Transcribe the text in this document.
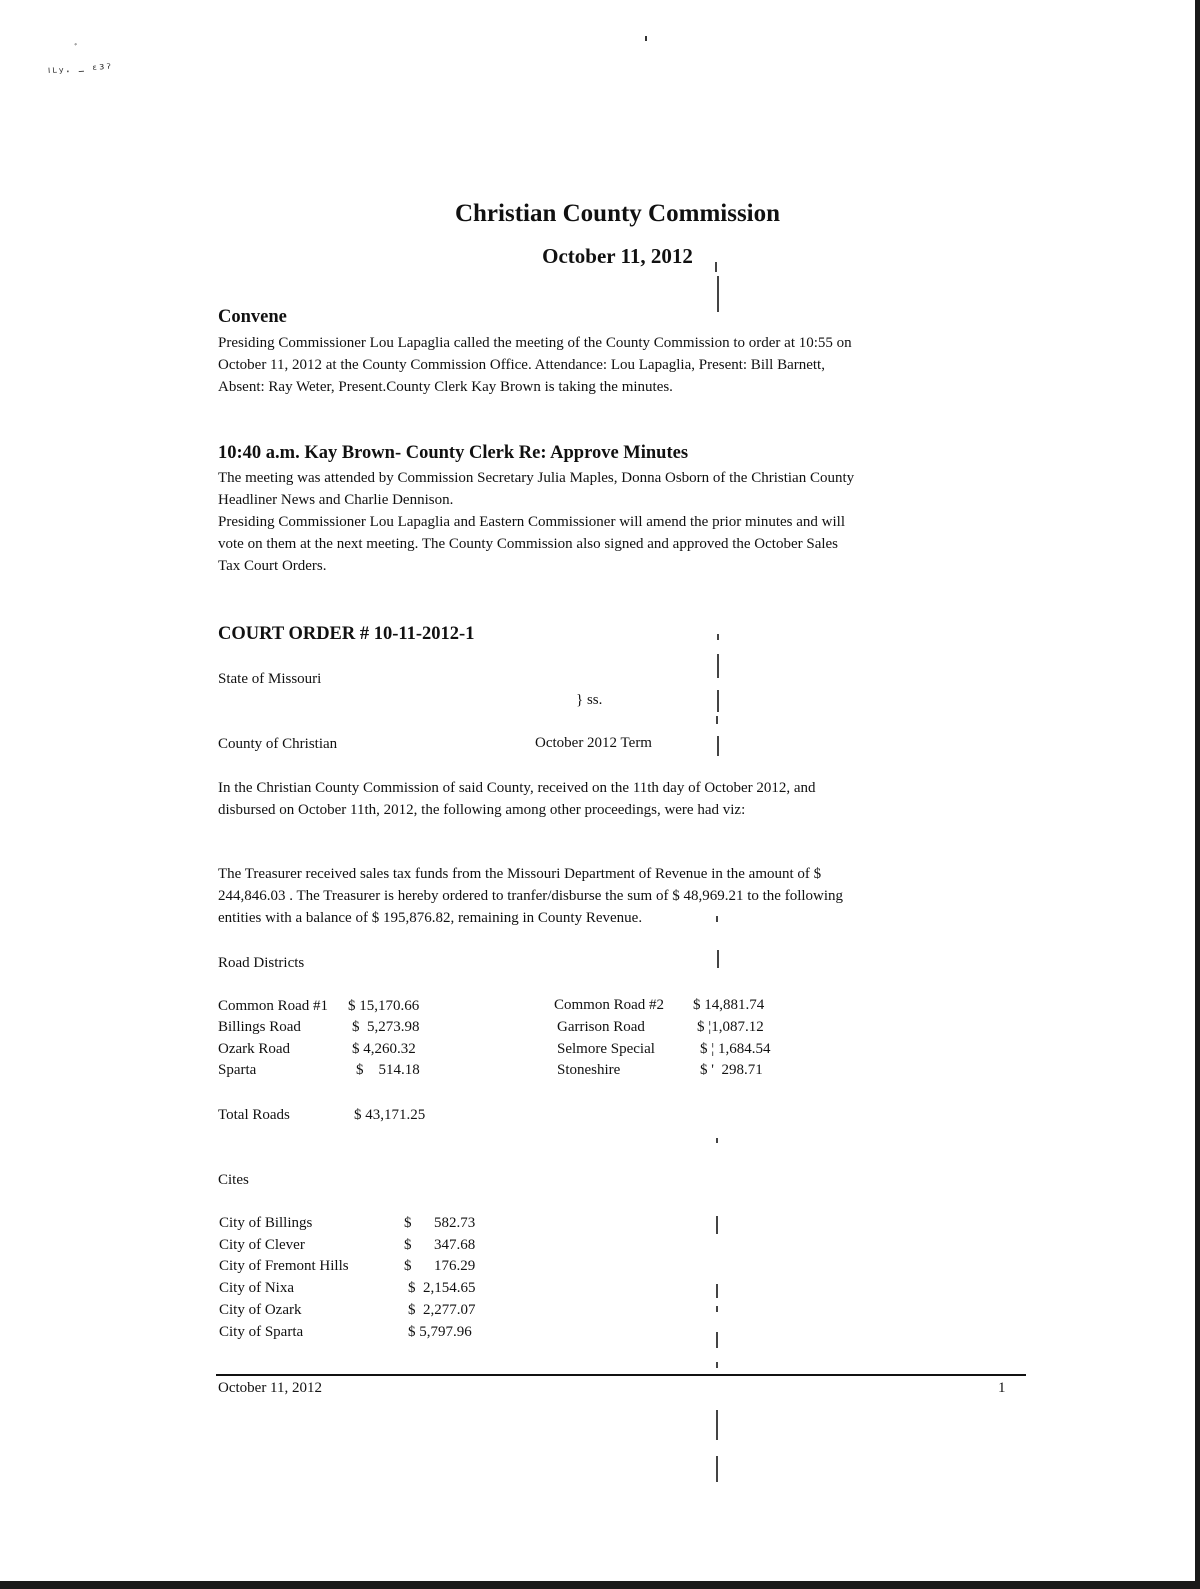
ﾞ
ᴵᴸʸ· – ᵋ³ˀ
Christian County Commission
October 11, 2012
Convene
Presiding Commissioner Lou Lapaglia called the meeting of the County Commission to order at 10:55 on
October 11, 2012 at the County Commission Office. Attendance: Lou Lapaglia, Present: Bill Barnett,
Absent: Ray Weter, Present.County Clerk Kay Brown is taking the minutes.
10:40 a.m. Kay Brown- County Clerk Re: Approve Minutes
The meeting was attended by Commission Secretary Julia Maples, Donna Osborn of the Christian County
Headliner News and Charlie Dennison.
Presiding Commissioner Lou Lapaglia and Eastern Commissioner will amend the prior minutes and will
vote on them at the next meeting. The County Commission also signed and approved the October Sales
Tax Court Orders.
COURT ORDER # 10-11-2012-1
State of Missouri
} ss.
County of Christian	October 2012 Term
In the Christian County Commission of said County, received on the 11th day of October 2012, and
disbursed on October 11th, 2012, the following among other proceedings, were had viz:
The Treasurer received sales tax funds from the Missouri Department of Revenue in the amount of $
244,846.03 . The Treasurer is hereby ordered to tranfer/disburse the sum of $ 48,969.21 to the following
entities with a balance of $ 195,876.82, remaining in County Revenue.
Road Districts
Common Road #1 $ 15,170.66
Billings Road	$  5,273.98
Ozark Road	$ 4,260.32
Sparta	$    514.18
Common Road #2 $ 14,881.74
Garrison Road	$ ¦1,087.12
Selmore Special	$ ¦ 1,684.54
Stoneshire	$ '  298.71
Total Roads	$ 43,171.25
Cites
City of Billings	$      582.73
City of Clever	$      347.68
City of Fremont Hills	$      176.29
City of Nixa	$  2,154.65
City of Ozark	$  2,277.07
City of Sparta	$ 5,797.96
October 11, 2012	1
